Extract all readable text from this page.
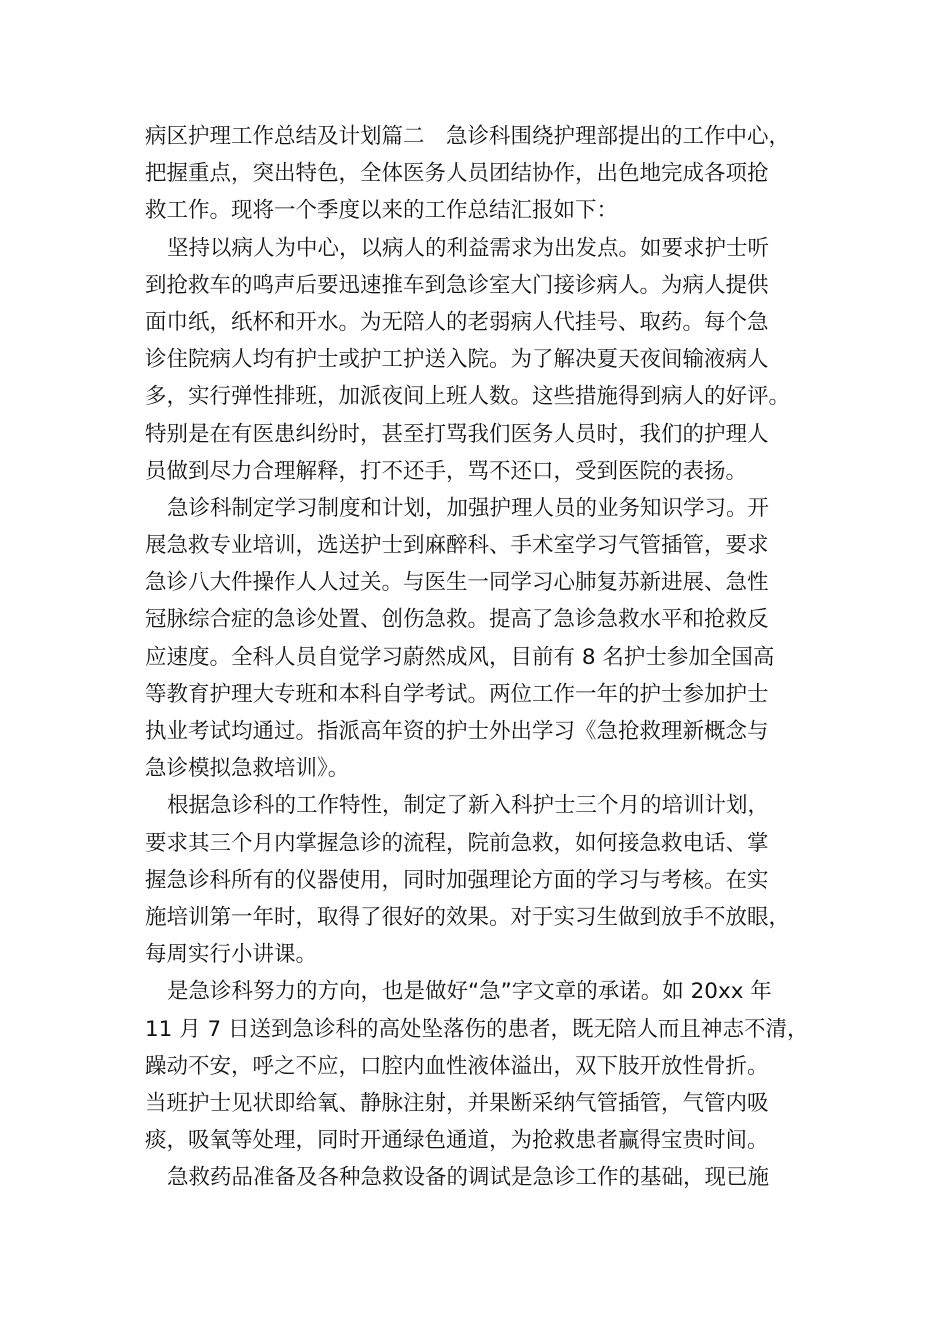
病区护理工作总结及计划篇二　急诊科围绕护理部提出的工作中心，
把握重点，突出特色，全体医务人员团结协作，出色地完成各项抢
救工作。现将一个季度以来的工作总结汇报如下：
坚持以病人为中心，以病人的利益需求为出发点。如要求护士听
到抢救车的鸣声后要迅速推车到急诊室大门接诊病人。为病人提供
面巾纸，纸杯和开水。为无陪人的老弱病人代挂号、取药。每个急
诊住院病人均有护士或护工护送入院。为了解决夏天夜间输液病人
多，实行弹性排班，加派夜间上班人数。这些措施得到病人的好评。
特别是在有医患纠纷时，甚至打骂我们医务人员时，我们的护理人
员做到尽力合理解释，打不还手，骂不还口，受到医院的表扬。
急诊科制定学习制度和计划，加强护理人员的业务知识学习。开
展急救专业培训，选送护士到麻醉科、手术室学习气管插管，要求
急诊八大件操作人人过关。与医生一同学习心肺复苏新进展、急性
冠脉综合症的急诊处置、创伤急救。提高了急诊急救水平和抢救反
应速度。全科人员自觉学习蔚然成风，目前有 8 名护士参加全国高
等教育护理大专班和本科自学考试。两位工作一年的护士参加护士
执业考试均通过。指派高年资的护士外出学习《急抢救理新概念与
急诊模拟急救培训》。
根据急诊科的工作特性，制定了新入科护士三个月的培训计划，
要求其三个月内掌握急诊的流程，院前急救，如何接急救电话、掌
握急诊科所有的仪器使用，同时加强理论方面的学习与考核。在实
施培训第一年时，取得了很好的效果。对于实习生做到放手不放眼，
每周实行小讲课。
是急诊科努力的方向，也是做好“急”字文章的承诺。如 20xx 年
11 月 7 日送到急诊科的高处坠落伤的患者，既无陪人而且神志不清，
躁动不安，呼之不应，口腔内血性液体溢出，双下肢开放性骨折。
当班护士见状即给氧、静脉注射，并果断采纳气管插管，气管内吸
痰，吸氧等处理，同时开通绿色通道，为抢救患者赢得宝贵时间。
急救药品准备及各种急救设备的调试是急诊工作的基础，现已施
